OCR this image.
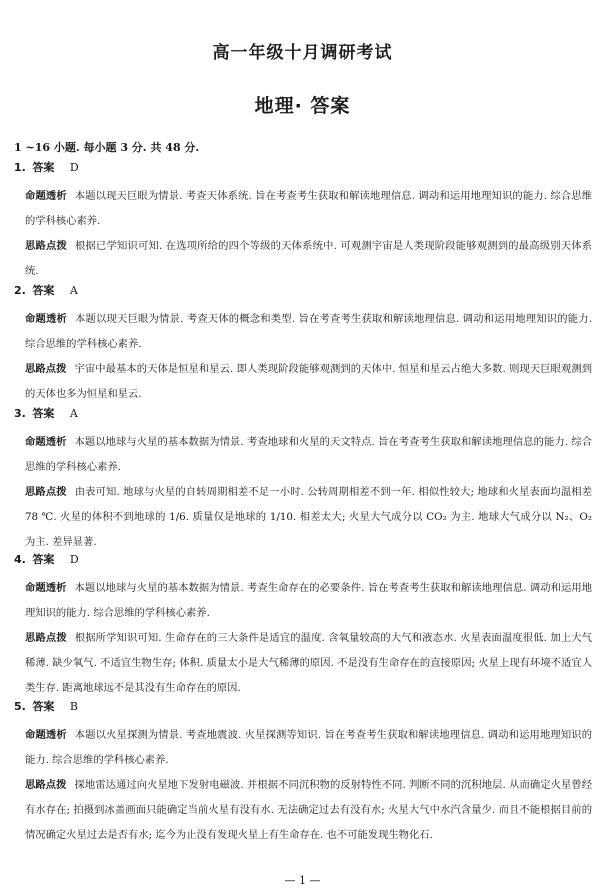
高一年级十月调研考试
地理· 答案
1 ~16 小题. 每小题 3 分. 共 48 分.
1. 答案 D
命题透析 本题以现天巨眼为情景. 考查天体系统. 旨在考查考生获取和解读地理信息. 调动和运用地理知识的能力. 综合思维的学科核心素养.
思路点拨 根据已学知识可知. 在选项所给的四个等级的天体系统中. 可观测宇宙是人类现阶段能够观测到的最高级别天体系统.
2. 答案 A
命题透析 本题以现天巨眼为情景. 考查天体的概念和类型. 旨在考查考生获取和解读地理信息. 调动和运用地理知识的能力. 综合思维的学科核心素养.
思路点拨 宇宙中最基本的天体是恒星和星云. 即人类现阶段能够观测到的天体中. 恒星和星云占绝大多数. 则现天巨眼观测到的天体也多为恒星和星云.
3. 答案 A
命题透析 本题以地球与火星的基本数据为情景. 考查地球和火星的天文特点. 旨在考查考生获取和解读地理信息的能力. 综合思维的学科核心素养.
思路点拨 由表可知. 地球与火星的自转周期相差不足一小时. 公转周期相差不到一年. 相似性较大; 地球和火星表面均温相差 78 ℃. 火星的体积不到地球的 1/6. 质量仅是地球的 1/10. 相差太大; 火星大气成分以 CO₂ 为主. 地球大气成分以 N₂、O₂ 为主. 差异显著.
4. 答案 D
命题透析 本题以地球与火星的基本数据为情景. 考查生命存在的必要条件. 旨在考查考生获取和解读地理信息. 调动和运用地理知识的能力. 综合思维的学科核心素养.
思路点拨 根据所学知识可知. 生命存在的三大条件是适宜的温度. 含氧量较高的大气和液态水. 火星表面温度很低. 加上大气稀薄. 缺少氧气. 不适宜生物生存; 体积. 质量太小是大气稀薄的原因. 不是没有生命存在的直接原因; 火星上现有环境不适宜人类生存. 距离地球远不是其没有生命存在的原因.
5. 答案 B
命题透析 本题以火星探测为情景. 考查地震波. 火星探测等知识. 旨在考查考生获取和解读地理信息. 调动和运用地理知识的能力. 综合思维的学科核心素养.
思路点拨 探地雷达通过向火星地下发射电磁波. 并根据不同沉积物的反射特性不同. 判断不同的沉积地层. 从而确定火星曾经有水存在; 拍摄到冰盖画面只能确定当前火星有没有水. 无法确定过去有没有水; 火星大气中水汽含量少. 而且不能根据目前的情况确定火星过去是否有水; 迄今为止没有发现火星上有生命存在. 也不可能发现生物化石.
— 1 —
